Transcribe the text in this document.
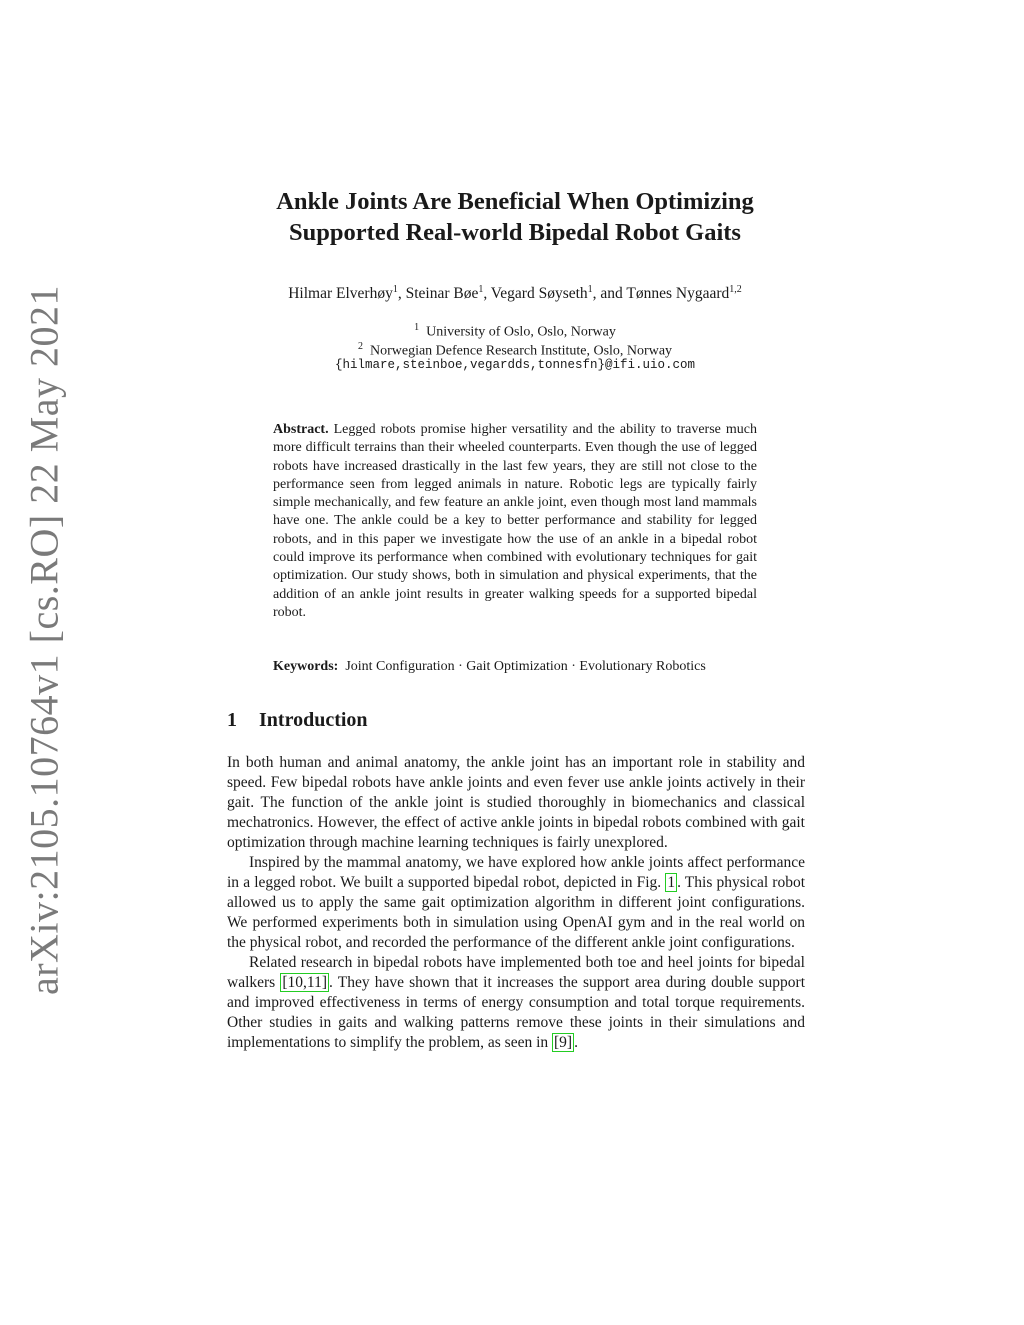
arXiv:2105.10764v1 [cs.RO] 22 May 2021
Ankle Joints Are Beneficial When Optimizing
Supported Real-world Bipedal Robot Gaits
Hilmar Elverhøy$^1$, Steinar Bøe$^1$, Vegard Søyseth$^1$, and Tønnes Nygaard$^{1,2}$
$^1$ University of Oslo, Oslo, Norway
$^2$ Norwegian Defence Research Institute, Oslo, Norway
{hilmare,steinboe,vegardds,tonnesfn}@ifi.uio.com
Abstract. Legged robots promise higher versatility and the ability to traverse much more difficult terrains than their wheeled counterparts. Even though the use of legged robots have increased drastically in the last few years, they are still not close to the performance seen from legged animals in nature. Robotic legs are typically fairly simple mechanically, and few feature an ankle joint, even though most land mammals have one. The ankle could be a key to better performance and stability for legged robots, and in this paper we investigate how the use of an ankle in a bipedal robot could improve its performance when combined with evolutionary techniques for gait optimization. Our study shows, both in simulation and physical experiments, that the addition of an ankle joint results in greater walking speeds for a supported bipedal robot.
Keywords: Joint Configuration · Gait Optimization · Evolutionary Robotics
1 Introduction

In both human and animal anatomy, the ankle joint has an important role in stability and speed. Few bipedal robots have ankle joints and even fever use ankle joints actively in their gait. The function of the ankle joint is studied thoroughly in biomechanics and classical mechatronics. However, the effect of active ankle joints in bipedal robots combined with gait optimization through machine learning techniques is fairly unexplored.

Inspired by the mammal anatomy, we have explored how ankle joints affect performance in a legged robot. We built a supported bipedal robot, depicted in Fig. 1 . This physical robot allowed us to apply the same gait optimization algorithm in different joint configurations. We performed experiments both in simulation using OpenAI gym and in the real world on the physical robot, and recorded the performance of the different ankle joint configurations.

Related research in bipedal robots have implemented both toe and heel joints for bipedal walkers [10,11] . They have shown that it increases the support area during double support and improved effectiveness in terms of energy consumption and total torque requirements. Other studies in gaits and walking patterns remove these joints in their simulations and implementations to simplify the problem, as seen in [9] .
